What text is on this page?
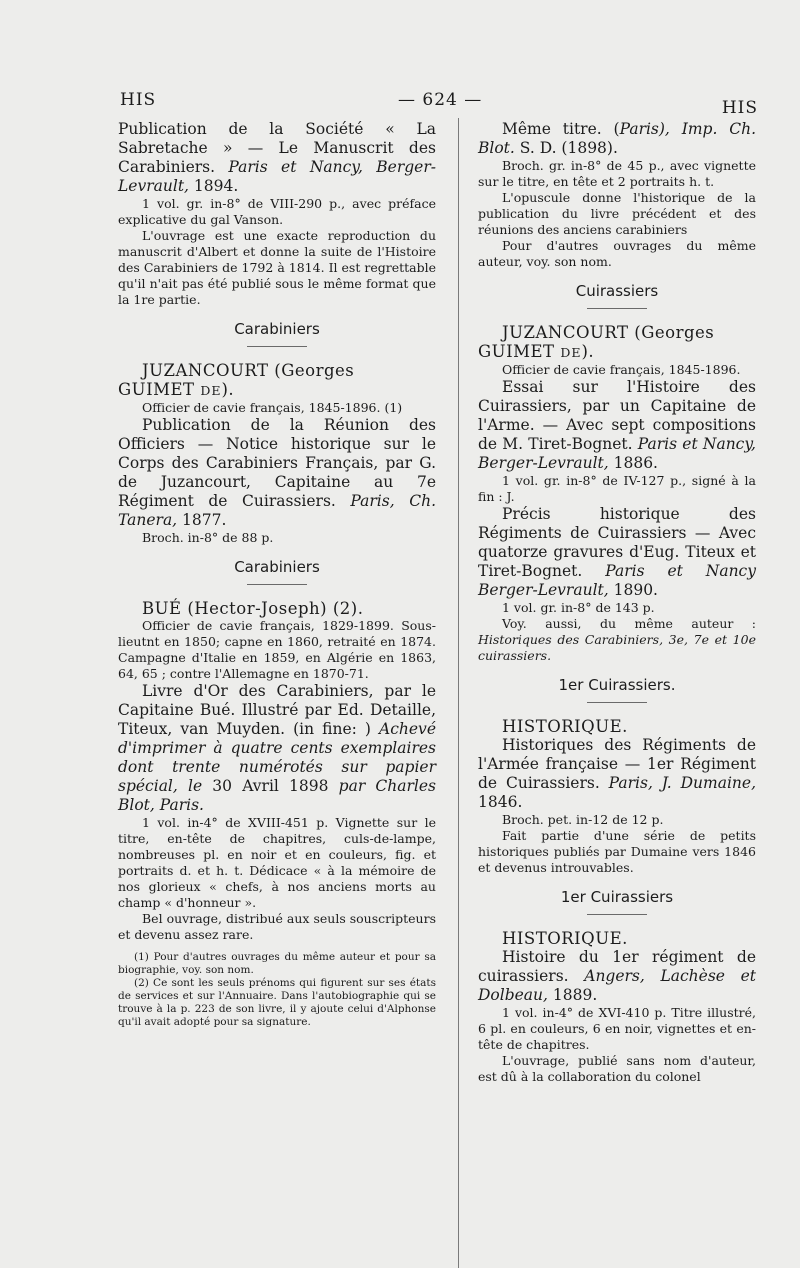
HIS	— 624 —	HIS

Publication de la Société « La Sabretache » — Le Manuscrit des Carabiniers. Paris et Nancy, Berger-Levrault, 1894.

1 vol. gr. in-8° de VIII-290 p., avec préface explicative du gal Vanson.

L'ouvrage est une exacte reproduction du manuscrit d'Albert et donne la suite de l'Histoire des Carabiniers de 1792 à 1814. Il est regrettable qu'il n'ait pas été publié sous le même format que la 1re partie.

Carabiniers

JUZANCOURT (Georges GUIMET DE).

Officier de cavie français, 1845-1896. (1)

Publication de la Réunion des Officiers — Notice historique sur le Corps des Carabiniers Français, par G. de Juzancourt, Capitaine au 7e Régiment de Cuirassiers. Paris, Ch. Tanera, 1877.

Broch. in-8° de 88 p.

Carabiniers

BUÉ (Hector-Joseph) (2).

Officier de cavie français, 1829-1899. Sous-lieutnt en 1850; capne en 1860, retraité en 1874. Campagne d'Italie en 1859, en Algérie en 1863, 64, 65 ; contre l'Allemagne en 1870-71.

Livre d'Or des Carabiniers, par le Capitaine Bué. Illustré par Ed. Detaille, Titeux, van Muyden. (in fine: ) Achevé d'imprimer à quatre cents exemplaires dont trente numérotés sur papier spécial, le 30 Avril 1898 par Charles Blot, Paris.

1 vol. in-4° de XVIII-451 p. Vignette sur le titre, en-tête de chapitres, culs-de-lampe, nombreuses pl. en noir et en couleurs, fig. et portraits d. et h. t. Dédicace « à la mémoire de nos glorieux « chefs, à nos anciens morts au champ « d'honneur ».

Bel ouvrage, distribué aux seuls souscripteurs et devenu assez rare.

(1) Pour d'autres ouvrages du même auteur et pour sa biographie, voy. son nom.

(2) Ce sont les seuls prénoms qui figurent sur ses états de services et sur l'Annuaire. Dans l'autobiographie qui se trouve à la p. 223 de son livre, il y ajoute celui d'Alphonse qu'il avait adopté pour sa signature.

Même titre. (Paris), Imp. Ch. Blot. S. D. (1898).

Broch. gr. in-8° de 45 p., avec vignette sur le titre, en tête et 2 portraits h. t.

L'opuscule donne l'historique de la publication du livre précédent et des réunions des anciens carabiniers

Pour d'autres ouvrages du même auteur, voy. son nom.

Cuirassiers

JUZANCOURT (Georges GUIMET DE).

Officier de cavie français, 1845-1896.

Essai sur l'Histoire des Cuirassiers, par un Capitaine de l'Arme. — Avec sept compositions de M. Tiret-Bognet. Paris et Nancy, Berger-Levrault, 1886.

1 vol. gr. in-8° de IV-127 p., signé à la fin : J.

Précis historique des Régiments de Cuirassiers — Avec quatorze gravures d'Eug. Titeux et Tiret-Bognet. Paris et Nancy Berger-Levrault, 1890.

1 vol. gr. in-8° de 143 p.

Voy. aussi, du même auteur : Historiques des Carabiniers, 3e, 7e et 10e cuirassiers.

1er Cuirassiers.

HISTORIQUE.

Historiques des Régiments de l'Armée française — 1er Régiment de Cuirassiers. Paris, J. Dumaine, 1846.

Broch. pet. in-12 de 12 p.

Fait partie d'une série de petits historiques publiés par Dumaine vers 1846 et devenus introuvables.

1er Cuirassiers

HISTORIQUE.

Histoire du 1er régiment de cuirassiers. Angers, Lachèse et Dolbeau, 1889.

1 vol. in-4° de XVI-410 p. Titre illustré, 6 pl. en couleurs, 6 en noir, vignettes et en-tête de chapitres.

L'ouvrage, publié sans nom d'auteur, est dû à la collaboration du colonel
